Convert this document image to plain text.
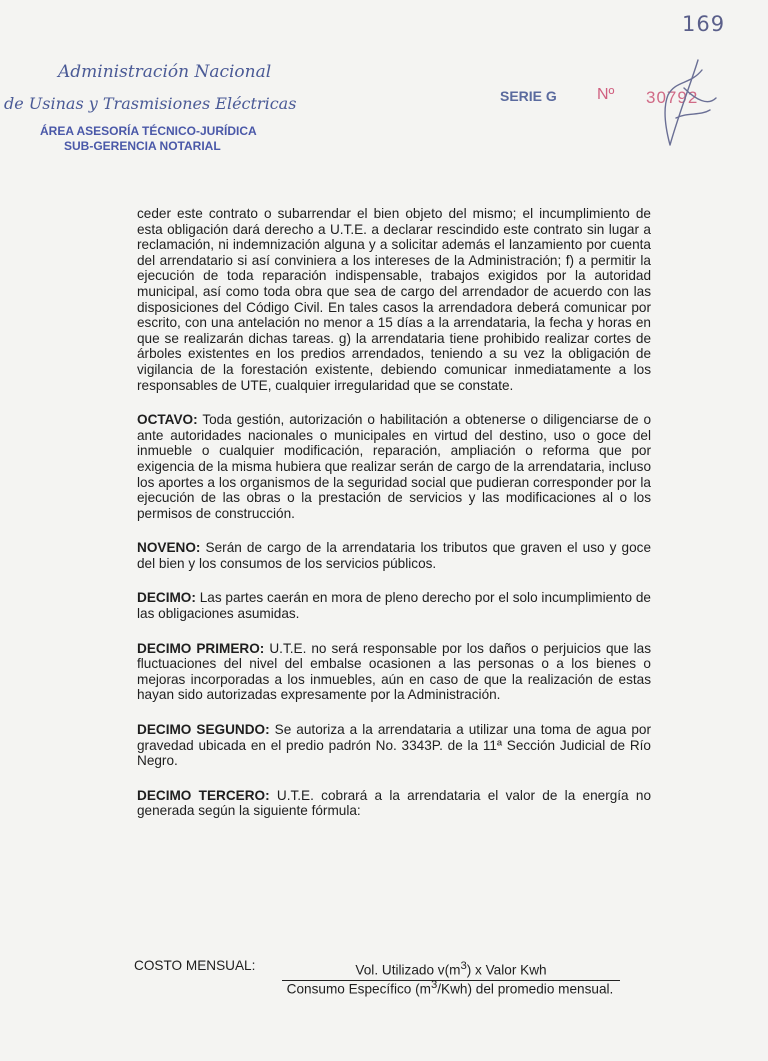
169
Administración Nacional
de Usinas y Trasmisiones Eléctricas
ÁREA ASESORÍA TÉCNICO-JURÍDICA
SUB-GERENCIA NOTARIAL
SERIE G	Nº 30792

ceder este contrato o subarrendar el bien objeto del mismo; el incumplimiento de esta obligación dará derecho a U.T.E. a declarar rescindido este contrato sin lugar a reclamación, ni indemnización alguna y a solicitar además el lanzamiento por cuenta del arrendatario si así conviniera a los intereses de la Administración; f) a permitir la ejecución de toda reparación indispensable, trabajos exigidos por la autoridad municipal, así como toda obra que sea de cargo del arrendador de acuerdo con las disposiciones del Código Civil. En tales casos la arrendadora deberá comunicar por escrito, con una antelación no menor a 15 días a la arrendataria, la fecha y horas en que se realizarán dichas tareas. g) la arrendataria tiene prohibido realizar cortes de árboles existentes en los predios arrendados, teniendo a su vez la obligación de vigilancia de la forestación existente, debiendo comunicar inmediatamente a los responsables de UTE, cualquier irregularidad que se constate.

OCTAVO: Toda gestión, autorización o habilitación a obtenerse o diligenciarse de o ante autoridades nacionales o municipales en virtud del destino, uso o goce del inmueble o cualquier modificación, reparación, ampliación o reforma que por exigencia de la misma hubiera que realizar serán de cargo de la arrendataria, incluso los aportes a los organismos de la seguridad social que pudieran corresponder por la ejecución de las obras o la prestación de servicios y las modificaciones al o los permisos de construcción.

NOVENO: Serán de cargo de la arrendataria los tributos que graven el uso y goce del bien y los consumos de los servicios públicos.

DECIMO: Las partes caerán en mora de pleno derecho por el solo incumplimiento de las obligaciones asumidas.

DECIMO PRIMERO: U.T.E. no será responsable por los daños o perjuicios que las fluctuaciones del nivel del embalse ocasionen a las personas o a los bienes o mejoras incorporadas a los inmuebles, aún en caso de que la realización de estas hayan sido autorizadas expresamente por la Administración.

DECIMO SEGUNDO: Se autoriza a la arrendataria a utilizar una toma de agua por gravedad ubicada en el predio padrón No. 3343P. de la 11ª Sección Judicial de Río Negro.

DECIMO TERCERO: U.T.E. cobrará a la arrendataria el valor de la energía no generada según la siguiente fórmula:

COSTO MENSUAL:	Vol. Utilizado $v(m^3)$ x Valor Kwh
Consumo Específico $(m^3/Kwh)$ del promedio mensual.
